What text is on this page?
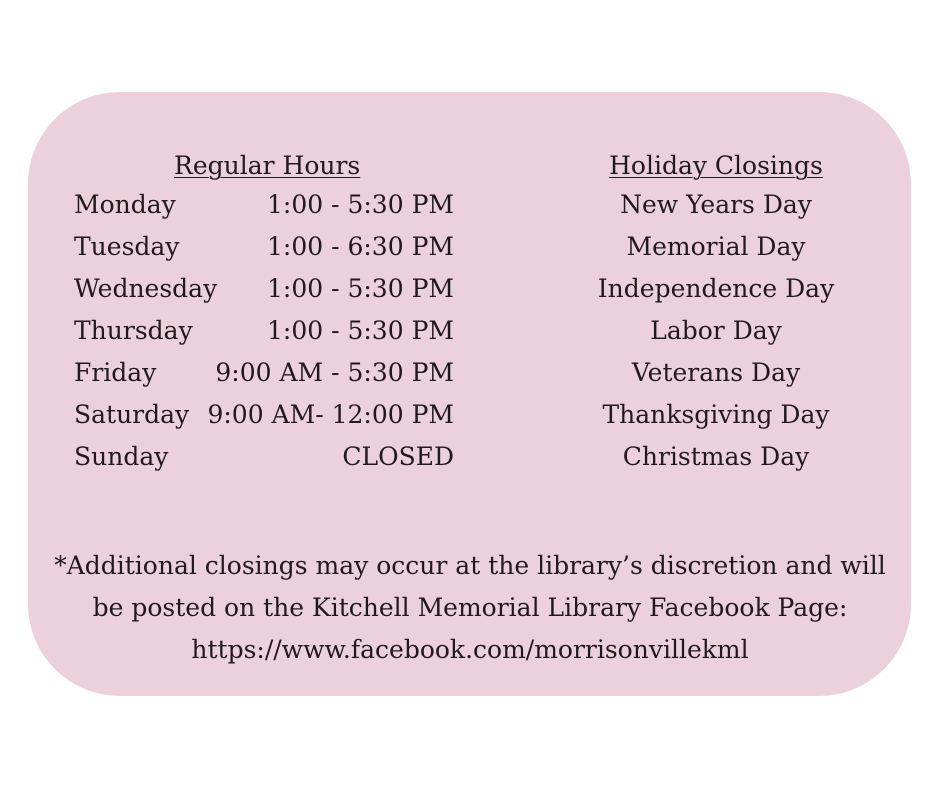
Regular Hours
Monday	1:00 - 5:30 PM
Tuesday	1:00 - 6:30 PM
Wednesday 1:00 - 5:30 PM
Thursday	1:00 - 5:30 PM
Friday 9:00 AM - 5:30 PM
Saturday 9:00 AM- 12:00 PM
Sunday	CLOSED
Holiday Closings
New Years Day
Memorial Day
Independence Day
Labor Day
Veterans Day
Thanksgiving Day
Christmas Day
*Additional closings may occur at the library’s discretion and will
be posted on the Kitchell Memorial Library Facebook Page:
https://www.facebook.com/morrisonvillekml
